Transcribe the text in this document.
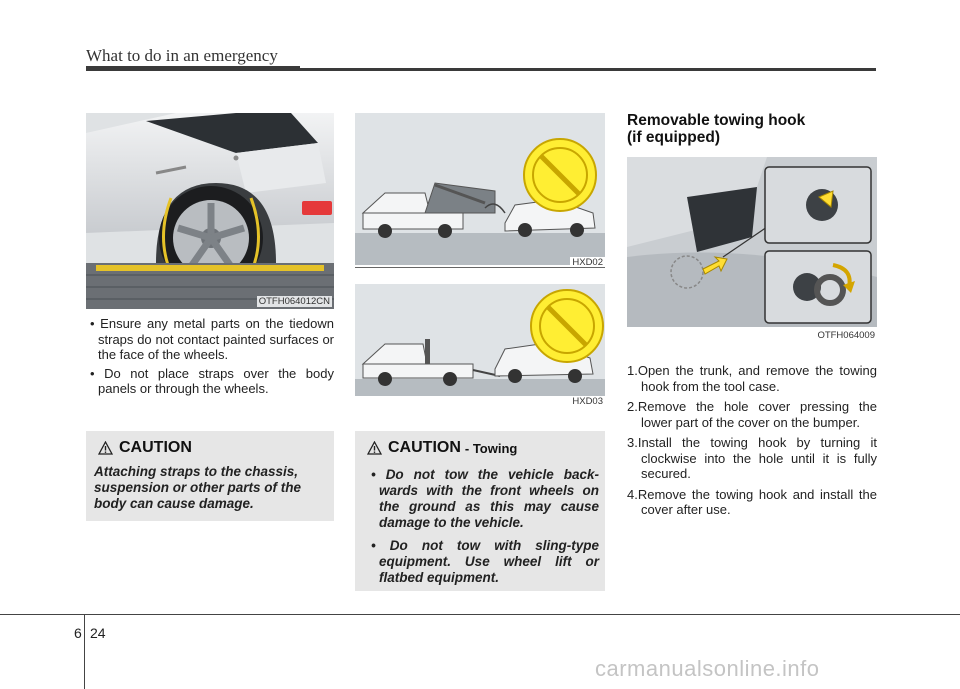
What to do in an emergency
OTFH064012CN
• Ensure any metal parts on the tiedown straps do not contact painted surfaces or the face of the wheels.
• Do not place straps over the body panels or through the wheels.
CAUTION
Attaching straps to the chassis, suspension or other parts of the body can cause damage.
HXD02
HXD03
CAUTION - Towing
• Do not tow the vehicle back-wards with the front wheels on the ground as this may cause damage to the vehicle.
• Do not tow with sling-type equipment. Use wheel lift or flatbed equipment.
Removable towing hook
(if equipped)
OTFH064009
1.Open the trunk, and remove the towing hook from the tool case.
2.Remove the hole cover pressing the lower part of the cover on the bumper.
3.Install the towing hook by turning it clockwise into the hole until it is fully secured.
4.Remove the towing hook and install the cover after use.
6 24
carmanualsonline.info
